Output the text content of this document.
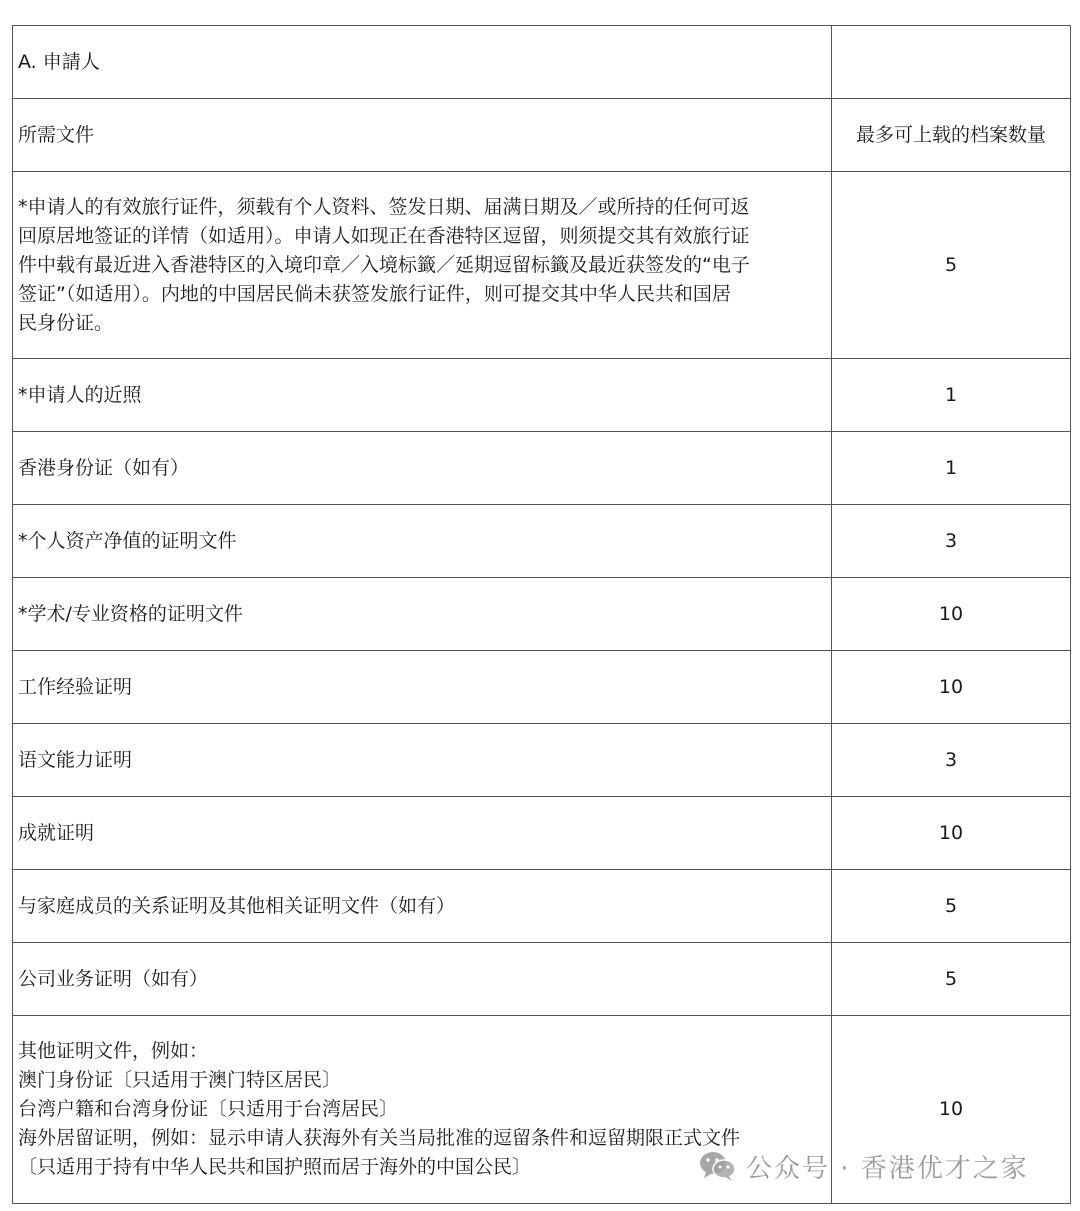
A. 申請人	

所需文件	最多可上载的档案数量

*申请人的有效旅行证件，须载有个人资料、签发日期、届满日期及／或所持的任何可返
回原居地签证的详情（如适用）。申请人如现正在香港特区逗留，则须提交其有效旅行证
件中载有最近进入香港特区的入境印章／入境标籤／延期逗留标籤及最近获签发的“电子
签证”（如适用）。内地的中国居民倘未获签发旅行证件，则可提交其中华人民共和国居
民身份证。	5

*申请人的近照	1

香港身份证（如有）	1

*个人资产净值的证明文件	3

*学术/专业资格的证明文件	10

工作经验证明	10

语文能力证明	3

成就证明	10

与家庭成员的关系证明及其他相关证明文件（如有）	5

公司业务证明（如有）	5

其他证明文件，例如：
澳门身份证〔只适用于澳门特区居民〕
台湾户籍和台湾身份证〔只适用于台湾居民〕
海外居留证明，例如：显示申请人获海外有关当局批准的逗留条件和逗留期限正式文件
〔只适用于持有中华人民共和国护照而居于海外的中国公民〕	10
公众号 · 香港优才之家
